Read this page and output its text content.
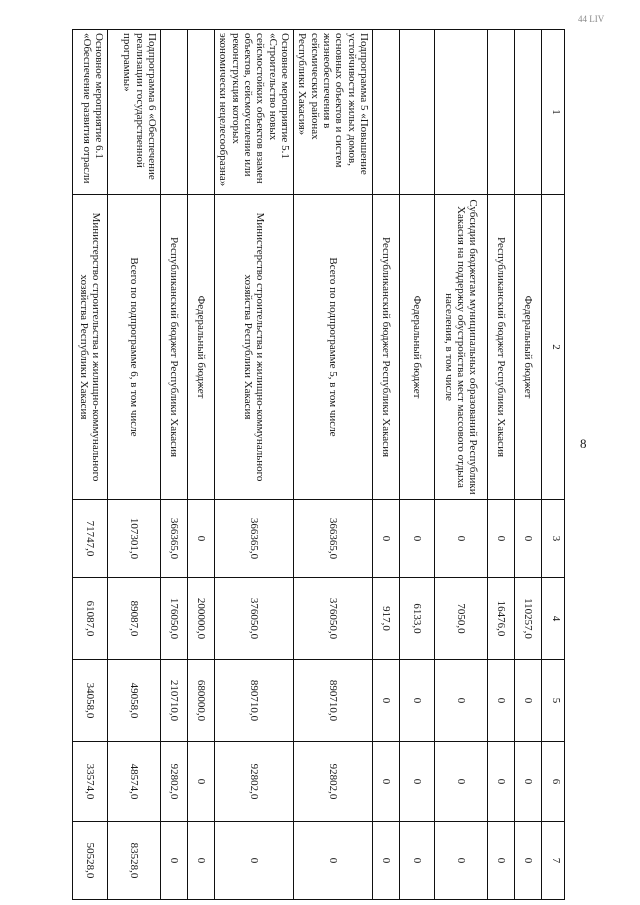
44 LIV
8
1	2	3	4	5	6	7
	Федеральный бюджет	0	110257,0	0	0	0
	Республиканский бюджет Республики Хакасия	0	16476,0	0	0	0
	Субсидии бюджетам муниципальных образований Республики Хакасия на поддержку обустройства мест массового отдыха населения, в том числе	0	7050,0	0	0	0
	Федеральный бюджет	0	6133,0	0	0	0
	Республиканский бюджет Республики Хакасия	0	917,0	0	0	0
Подпрограмма 5 «Повышение устойчивости жилых домов, основных объектов и систем жизнеобеспечения в сейсмических районах Республики Хакасия»	Всего по подпрограмме 5, в том числе	366365,0	376050,0	890710,0	92802,0	0
Основное мероприятие 5.1 «Строительство новых сейсмостойких объектов взамен объектов, сейсмоусиление или реконструкция которых экономически нецелесообразна»	Министерство строительства и жилищно-коммунального хозяйства Республики Хакасия	366365,0	376050,0	890710,0	92802,0	0
	Федеральный бюджет	0	200000,0	680000,0	0	0
	Республиканский бюджет Республики Хакасия	366365,0	176050,0	210710,0	92802,0	0
Подпрограмма 6 «Обеспечение реализации государственной программы»	Всего по подпрограмме 6, в том числе	107301,0	89087,0	49058,0	48574,0	83528,0
Основное мероприятие 6.1 «Обеспечение развития отрасли	Министерство строительства и жилищно-коммунального хозяйства Республики Хакасия	71747,0	61087,0	34058,0	33574,0	50528,0
